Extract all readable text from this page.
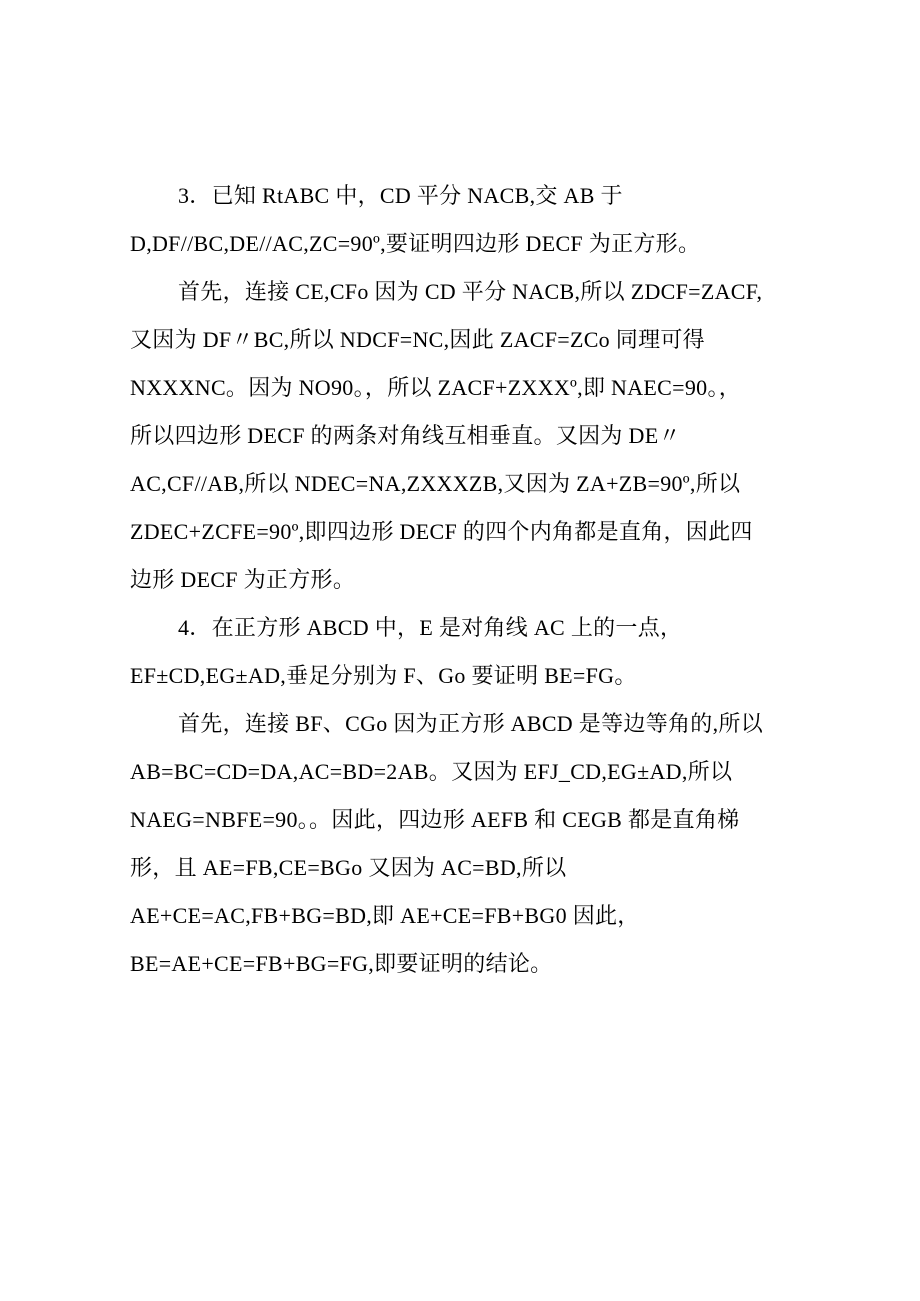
3．已知 RtABC 中，CD 平分 NACB,交 AB 于
D,DF//BC,DE//AC,ZC=90º,要证明四边形 DECF 为正方形。
首先，连接 CE,CFo 因为 CD 平分 NACB,所以 ZDCF=ZACF,
又因为 DF〃BC,所以 NDCF=NC,因此 ZACF=ZCo 同理可得
NXXXNC。因为 NO90。，所以 ZACF+ZXXXº,即 NAEC=90。，
所以四边形 DECF 的两条对角线互相垂直。又因为 DE〃
AC,CF//AB,所以 NDEC=NA,ZXXXZB,又因为 ZA+ZB=90º,所以
ZDEC+ZCFE=90º,即四边形 DECF 的四个内角都是直角，因此四
边形 DECF 为正方形。
4．在正方形 ABCD 中，E 是对角线 AC 上的一点，
EF±CD,EG±AD,垂足分别为 F、Go 要证明 BE=FG。
首先，连接 BF、CGo 因为正方形 ABCD 是等边等角的,所以
AB=BC=CD=DA,AC=BD=2AB。又因为 EFJ_CD,EG±AD,所以
NAEG=NBFE=90。。因此，四边形 AEFB 和 CEGB 都是直角梯
形，且 AE=FB,CE=BGo 又因为 AC=BD,所以
AE+CE=AC,FB+BG=BD,即 AE+CE=FB+BG0 因此，
BE=AE+CE=FB+BG=FG,即要证明的结论。
